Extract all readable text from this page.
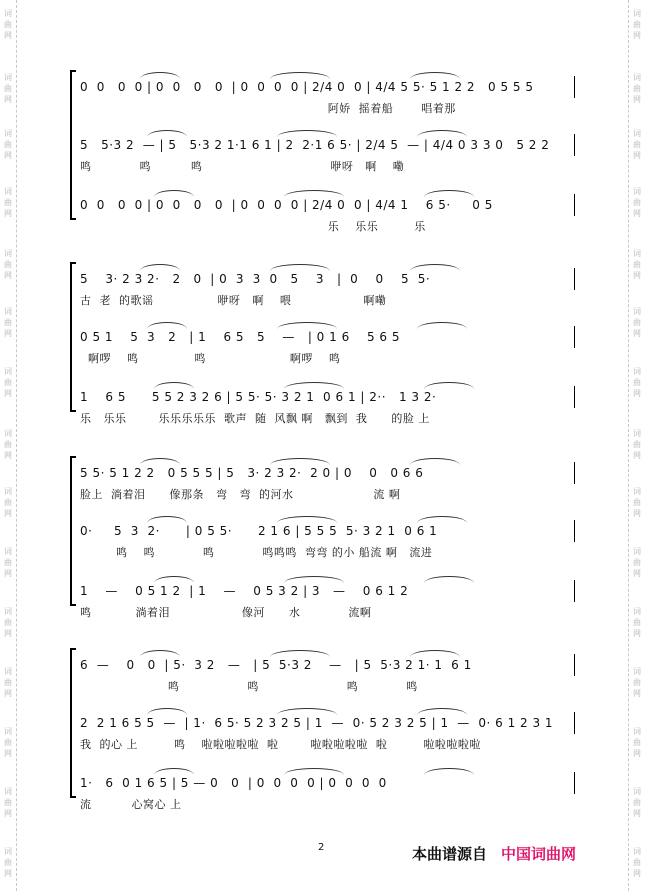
0  0   0  0 | 0  0   0   0  | 0  0  0  0 | 2/4 0  0 | 4/4 5 5· 5 1 2 2   0 5 5 5
阿娇  摇着船       唱着那
5   5·3 2  — | 5   5·3 2 1·1 6 1 | 2  2·1 6 5· | 2/4 5  — | 4/4 0 3 3 0   5 2 2
鸣            鸣          鸣                                咿呀   啊    嘞
0  0   0  0 | 0  0   0   0  | 0  0  0  0 | 2/4 0  0 | 4/4 1    6 5·     0 5
乐    乐乐         乐
5    3· 2 3 2·   2   0  | 0  3  3  0   5    3   |  0    0    5  5·
古  老  的歌谣                咿呀   啊    喂                  啊嘞
0 5 1    5  3   2   | 1    6 5   5    —   | 0 1 6    5 6 5
啊啰    鸣              鸣                     啊啰    鸣
1    6 5      5 5 2 3 2 6 | 5 5· 5· 3 2 1  0 6 1 | 2··   1 3 2·
乐   乐乐        乐乐乐乐乐  歌声  随  风飘 啊   飘到  我      的脸 上
5 5· 5 1 2 2   0 5 5 5 | 5   3· 2 3 2·  2 0 | 0    0   0 6 6
脸上  淌着泪      像那条   弯   弯  的河水                    流 啊
0·     5  3  2·      | 0 5 5·      2 1 6 | 5 5 5  5· 3 2 1  0 6 1
鸣    鸣            鸣            鸣鸣鸣  弯弯 的小 船流 啊   流进
1    —    0 5 1 2  | 1    —    0 5 3 2 | 3   —    0 6 1 2
鸣           淌着泪                  像河      水            流啊
6  —    0   0  | 5·  3 2   —   | 5  5·3 2    —   | 5  5·3 2 1· 1  6 1
鸣                 鸣                      鸣            鸣
2  2 1 6 5 5  —  | 1·  6 5· 5 2 3 2 5 | 1  —  0· 5 2 3 2 5 | 1  —  0· 6 1 2 3 1
我  的心 上         鸣    啦啦啦啦啦  啦        啦啦啦啦啦  啦         啦啦啦啦啦
1·   6  0 1 6 5 | 5 — 0   0  | 0  0  0  0 | 0  0  0  0
流          心窝心 上
2	本曲谱源自 中国词曲网
词
曲
网
词
曲
网
词
曲
网
词
曲
网
词
曲
网
词
曲
网
词
曲
网
词
曲
网
词
曲
网
词
曲
网
词
曲
网
词
曲
网
词
曲
网
词
曲
网
词
曲
网
词
曲
网
词
曲
网
词
曲
网
词
曲
网
词
曲
网
词
曲
网
词
曲
网
词
曲
网
词
曲
网
词
曲
网
词
曲
网
词
曲
网
词
曲
网
词
曲
网
词
曲
网
